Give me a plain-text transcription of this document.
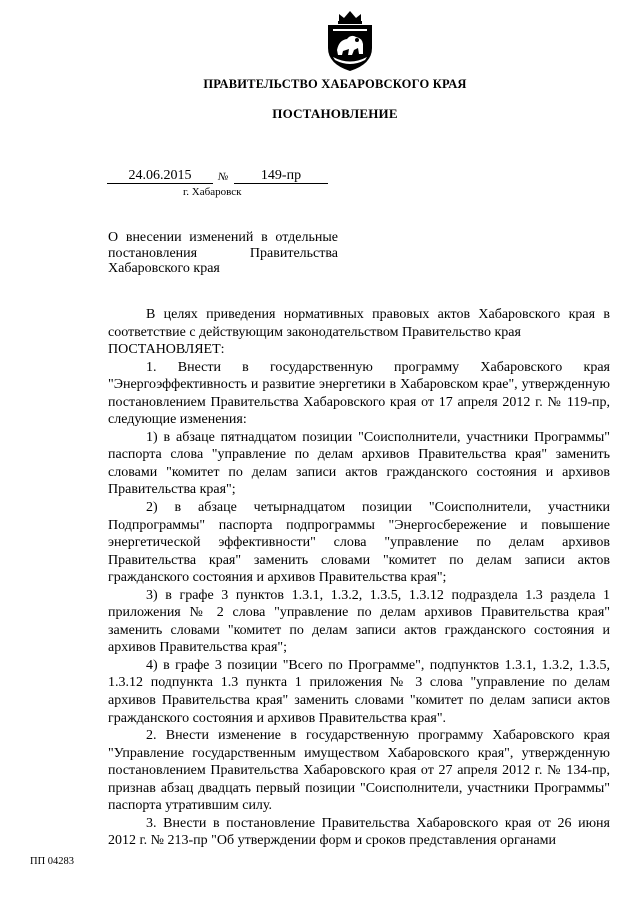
ПРАВИТЕЛЬСТВО ХАБАРОВСКОГО КРАЯ
ПОСТАНОВЛЕНИЕ
24.06.2015	№	149-пр
г. Хабаровск
О внесении изменений в отдельные постановления Правительства Хабаровского края

В целях приведения нормативных правовых актов Хабаровского края в соответствие с действующим законодательством Правительство края

ПОСТАНОВЛЯЕТ:

1. Внести в государственную программу Хабаровского края "Энергоэффективность и развитие энергетики в Хабаровском крае", утвержденную постановлением Правительства Хабаровского края от 17 апреля 2012 г. № 119-пр, следующие изменения:

1) в абзаце пятнадцатом позиции "Соисполнители, участники Программы" паспорта слова "управление по делам архивов Правительства края" заменить словами "комитет по делам записи актов гражданского состояния и архивов Правительства края";

2) в абзаце четырнадцатом позиции "Соисполнители, участники Подпрограммы" паспорта подпрограммы "Энергосбережение и повышение энергетической эффективности" слова "управление по делам архивов Правительства края" заменить словами "комитет по делам записи актов гражданского состояния и архивов Правительства края";

3) в графе 3 пунктов 1.3.1, 1.3.2, 1.3.5, 1.3.12 подраздела 1.3 раздела 1 приложения № 2 слова "управление по делам архивов Правительства края" заменить словами "комитет по делам записи актов гражданского состояния и архивов Правительства края";

4) в графе 3 позиции "Всего по Программе", подпунктов 1.3.1, 1.3.2, 1.3.5, 1.3.12 подпункта 1.3 пункта 1 приложения № 3 слова "управление по делам архивов Правительства края" заменить словами "комитет по делам записи актов гражданского состояния и архивов Правительства края".

2. Внести изменение в государственную программу Хабаровского края "Управление государственным имуществом Хабаровского края", утвержденную постановлением Правительства Хабаровского края от 27 апреля 2012 г. № 134-пр, признав абзац двадцать первый позиции "Соисполнители, участники Программы" паспорта утратившим силу.

3. Внести в постановление Правительства Хабаровского края от 26 июня 2012 г. № 213-пр "Об утверждении форм и сроков представления органами

ПП 04283
